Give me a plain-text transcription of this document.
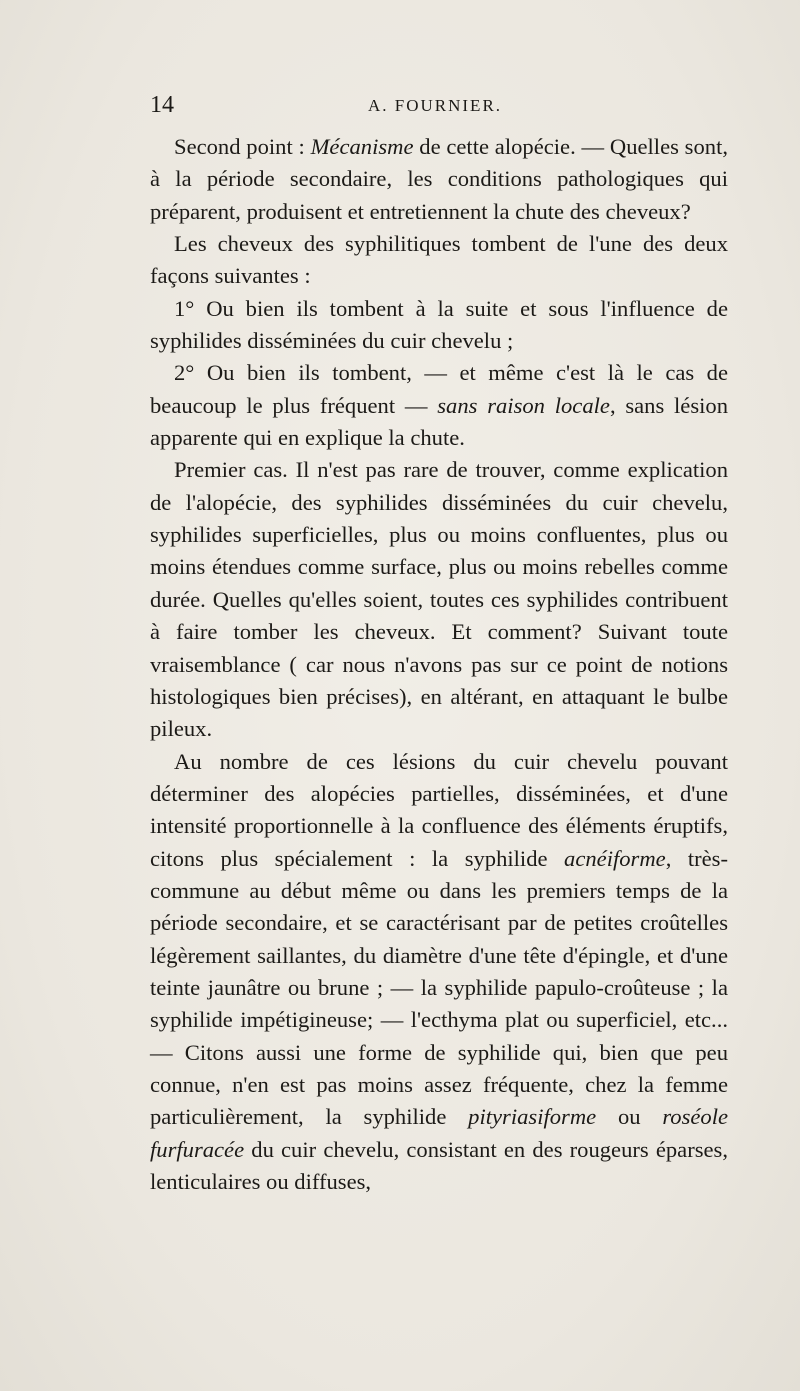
14	A. FOURNIER.

Second point : Mécanisme de cette alopécie. — Quelles sont, à la période secondaire, les conditions pathologiques qui préparent, produisent et entretiennent la chute des cheveux?

Les cheveux des syphilitiques tombent de l'une des deux façons suivantes :

1° Ou bien ils tombent à la suite et sous l'influence de syphilides disséminées du cuir chevelu ;

2° Ou bien ils tombent, — et même c'est là le cas de beaucoup le plus fréquent — sans raison locale, sans lésion apparente qui en explique la chute.

Premier cas. Il n'est pas rare de trouver, comme explication de l'alopécie, des syphilides disséminées du cuir chevelu, syphilides superficielles, plus ou moins confluentes, plus ou moins étendues comme surface, plus ou moins rebelles comme durée. Quelles qu'elles soient, toutes ces syphilides contribuent à faire tomber les cheveux. Et comment? Suivant toute vraisemblance ( car nous n'avons pas sur ce point de notions histologiques bien précises), en altérant, en attaquant le bulbe pileux.

Au nombre de ces lésions du cuir chevelu pouvant déterminer des alopécies partielles, disséminées, et d'une intensité proportionnelle à la confluence des éléments éruptifs, citons plus spécialement : la syphilide acnéiforme, très-commune au début même ou dans les premiers temps de la période secondaire, et se caractérisant par de petites croûtelles légèrement saillantes, du diamètre d'une tête d'épingle, et d'une teinte jaunâtre ou brune ; — la syphilide papulo-croûteuse ; la syphilide impétigineuse; — l'ecthyma plat ou superficiel, etc... — Citons aussi une forme de syphilide qui, bien que peu connue, n'en est pas moins assez fréquente, chez la femme particulièrement, la syphilide pityriasiforme ou roséole furfuracée du cuir chevelu, consistant en des rougeurs éparses, lenticulaires ou diffuses,
